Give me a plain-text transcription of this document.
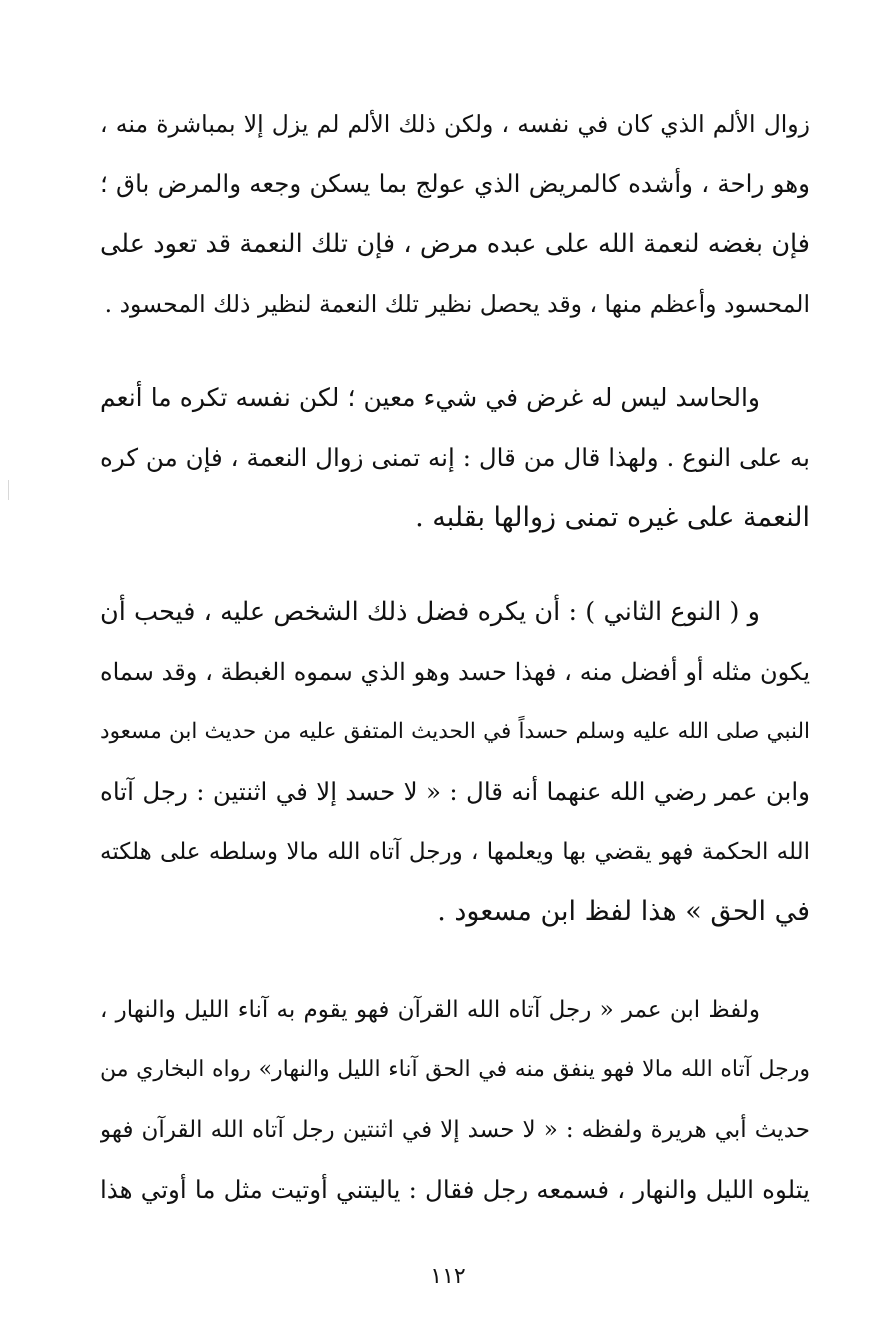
زوال الألم الذي كان في نفسه ، ولكن ذلك الألم لم يزل إلا بمباشرة منه ،
وهو راحة ، وأشده كالمريض الذي عولج بما يسكن وجعه والمرض باق ؛
فإن بغضه لنعمة الله على عبده مرض ، فإن تلك النعمة قد تعود على
المحسود وأعظم منها ، وقد يحصل نظير تلك النعمة لنظير ذلك المحسود .
والحاسد ليس له غرض في شيء معين ؛ لكن نفسه تكره ما أنعم
به على النوع . ولهذا قال من قال : إنه تمنى زوال النعمة ، فإن من كره
النعمة على غيره تمنى زوالها بقلبه .
و ( النوع الثاني ) : أن يكره فضل ذلك الشخص عليه ، فيحب أن
يكون مثله أو أفضل منه ، فهذا حسد وهو الذي سموه الغبطة ، وقد سماه
النبي صلى الله عليه وسلم حسداً في الحديث المتفق عليه من حديث ابن مسعود
وابن عمر رضي الله عنهما أنه قال : « لا حسد إلا في اثنتين : رجل آتاه
الله الحكمة فهو يقضي بها ويعلمها ، ورجل آتاه الله مالا وسلطه على هلكته
في الحق » هذا لفظ ابن مسعود .
ولفظ ابن عمر « رجل آتاه الله القرآن فهو يقوم به آناء الليل والنهار ،
ورجل آتاه الله مالا فهو ينفق منه في الحق آناء الليل والنهار» رواه البخاري من
حديث أبي هريرة ولفظه : « لا حسد إلا في اثنتين رجل آتاه الله القرآن فهو
يتلوه الليل والنهار ، فسمعه رجل فقال : ياليتني أوتيت مثل ما أوتي هذا
١١٢
